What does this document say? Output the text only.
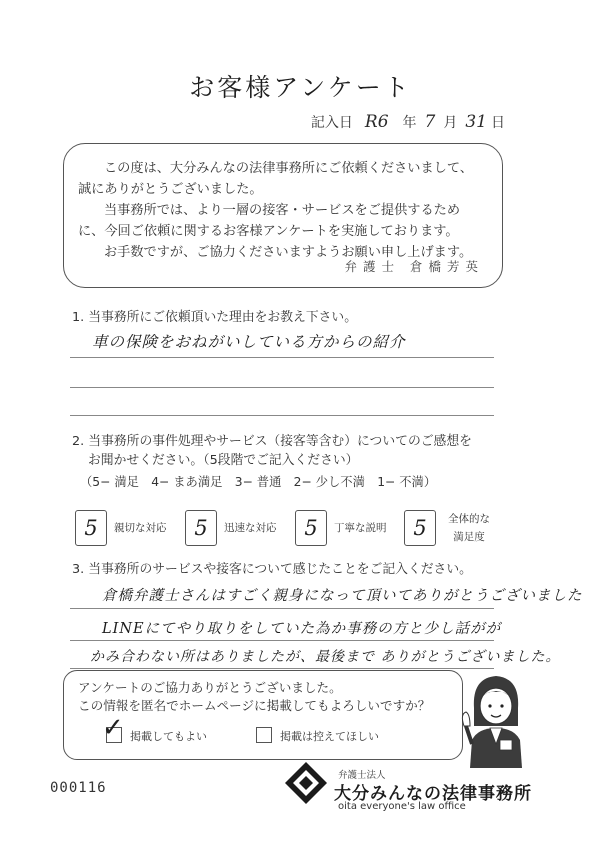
お客様アンケート
記入日 R6 年 7 月 31 日

この度は、大分みんなの法律事務所にご依頼くださいまして、

誠にありがとうございました。

当事務所では、より一層の接客・サービスをご提供するため

に、今回ご依頼に関するお客様アンケートを実施しております。

お手数ですが、ご協力くださいますようお願い申し上げます。

弁護士 倉橋芳英
1. 当事務所にご依頼頂いた理由をお教え下さい。
車の保険をおねがいしている方からの紹介
2. 当事務所の事件処理やサービス（接客等含む）についてのご感想を
お聞かせください。（5段階でご記入ください）
（5− 満足　4− まあ満足　3− 普通　2− 少し不満　1− 不満）
5	親切な対応	5	迅速な対応	5	丁寧な説明	5	全体的な
満足度
3. 当事務所のサービスや接客について感じたことをご記入ください。
倉橋弁護士さんはすごく親身になって頂いてありがとうございました
LINEにてやり取りをしていた為か事務の方と少し話がが
かみ合わない所はありましたが、最後まで ありがとうございました。

アンケートのご協力ありがとうございました。

この情報を匿名でホームページに掲載してもよろしいですか？

✓ 掲載してもよい	掲載は控えてほしい
000116
弁護士法人
大分みんなの法律事務所
oita everyone's law office
